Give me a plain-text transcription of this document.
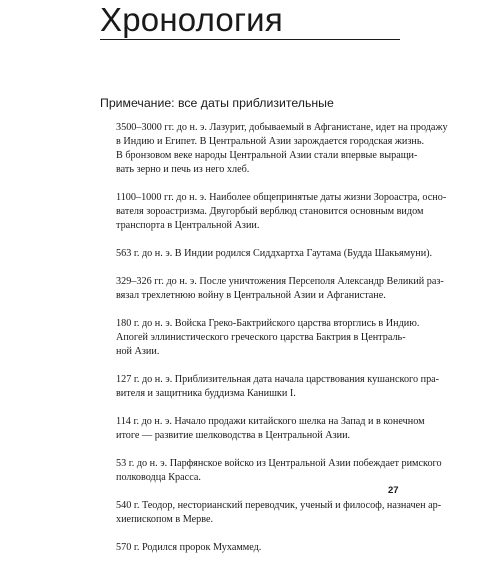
Хронология
Примечание: все даты приблизительные
3500–3000 гг. до н. э. Лазурит, добываемый в Афганистане, идет на продажу
в Индию и Египет. В Центральной Азии зарождается городская жизнь.
В бронзовом веке народы Центральной Азии стали впервые выращи-
вать зерно и печь из него хлеб.
1100–1000 гг. до н. э. Наиболее общепринятые даты жизни Зороастра, осно-
вателя зороастризма. Двугорбый верблюд становится основным видом
транспорта в Центральной Азии.
563 г. до н. э. В Индии родился Сиддхартха Гаутама (Будда Шакьямуни).
329–326 гг. до н. э. После уничтожения Персеполя Александр Великий раз-
вязал трехлетнюю войну в Центральной Азии и Афганистане.
180 г. до н. э. Войска Греко-Бактрийского царства вторглись в Индию.
Апогей эллинистического греческого царства Бактрия в Централь-
ной Азии.
127 г. до н. э. Приблизительная дата начала царствования кушанского пра-
вителя и защитника буддизма Канишки I.
114 г. до н. э. Начало продажи китайского шелка на Запад и в конечном
итоге — развитие шелководства в Центральной Азии.
53 г. до н. э. Парфянское войско из Центральной Азии побеждает римского
полководца Красса.
540 г. Теодор, несторианский переводчик, ученый и философ, назначен ар-
хиепископом в Мерве.
570 г. Родился пророк Мухаммед.
27
